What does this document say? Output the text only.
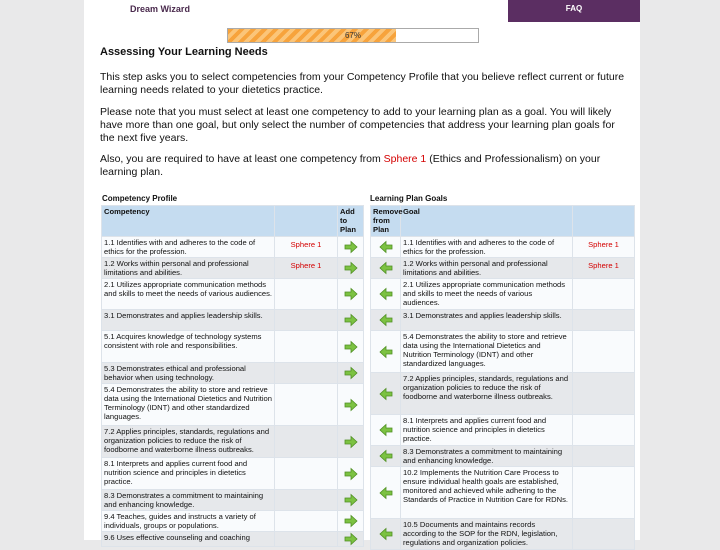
Dream Wizard	FAQ
67%
Assessing Your Learning Needs
This step asks you to select competencies from your Competency Profile that you believe reflect current or future learning needs related to your dietetics practice.
Please note that you must select at least one competency to add to your learning plan as a goal. You will likely have more than one goal, but only select the number of competencies that address your learning plan goals for the next five years.
Also, you are required to have at least one competency from Sphere 1 (Ethics and Professionalism) on your learning plan.
Competency Profile	Learning Plan Goals
Competency		Add to Plan
1.1 Identifies with and adheres to the code of ethics for the profession.	Sphere 1	
1.2 Works within personal and professional limitations and abilities.	Sphere 1	
2.1 Utilizes appropriate communication methods and skills to meet the needs of various audiences.		
3.1 Demonstrates and applies leadership skills.		
5.1 Acquires knowledge of technology systems consistent with role and responsibilities.		
5.3 Demonstrates ethical and professional behavior when using technology.		
5.4 Demonstrates the ability to store and retrieve data using the International Dietetics and Nutrition Terminology (IDNT) and other standardized languages.		
7.2 Applies principles, standards, regulations and organization policies to reduce the risk of foodborne and waterborne illness outbreaks.		
8.1 Interprets and applies current food and nutrition science and principles in dietetics practice.		
8.3 Demonstrates a commitment to maintaining and enhancing knowledge.		
9.4 Teaches, guides and instructs a variety of individuals, groups or populations.		
9.6 Uses effective counseling and coaching		
Remove from Plan	Goal	
	1.1 Identifies with and adheres to the code of ethics for the profession.	Sphere 1
	1.2 Works within personal and professional limitations and abilities.	Sphere 1
	2.1 Utilizes appropriate communication methods and skills to meet the needs of various audiences.	
	3.1 Demonstrates and applies leadership skills.	
	5.4 Demonstrates the ability to store and retrieve data using the International Dietetics and Nutrition Terminology (IDNT) and other standardized languages.	
	7.2 Applies principles, standards, regulations and organization policies to reduce the risk of foodborne and waterborne illness outbreaks.	
	8.1 Interprets and applies current food and nutrition science and principles in dietetics practice.	
	8.3 Demonstrates a commitment to maintaining and enhancing knowledge.	
	10.2 Implements the Nutrition Care Process to ensure individual health goals are established, monitored and achieved while adhering to the Standards of Practice in Nutrition Care for RDNs.	
	10.5 Documents and maintains records according to the SOP for the RDN, legislation, regulations and organization policies.	
